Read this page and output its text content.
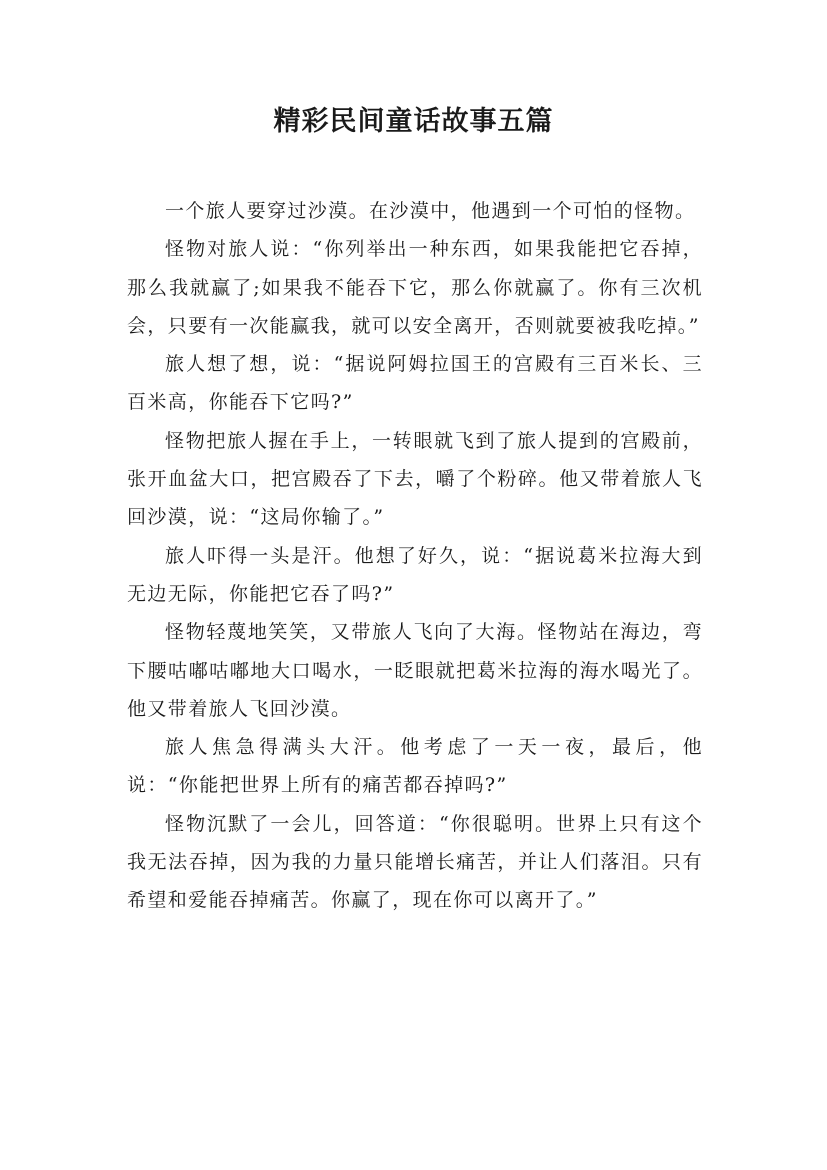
精彩民间童话故事五篇

一个旅人要穿过沙漠。在沙漠中，他遇到一个可怕的怪物。

怪物对旅人说：“你列举出一种东西，如果我能把它吞掉，那么我就赢了;如果我不能吞下它，那么你就赢了。你有三次机会，只要有一次能赢我，就可以安全离开，否则就要被我吃掉。”

旅人想了想，说：“据说阿姆拉国王的宫殿有三百米长、三百米高，你能吞下它吗?”

怪物把旅人握在手上，一转眼就飞到了旅人提到的宫殿前，张开血盆大口，把宫殿吞了下去，嚼了个粉碎。他又带着旅人飞回沙漠，说：“这局你输了。”

旅人吓得一头是汗。他想了好久，说：“据说葛米拉海大到无边无际，你能把它吞了吗?”

怪物轻蔑地笑笑，又带旅人飞向了大海。怪物站在海边，弯下腰咕嘟咕嘟地大口喝水，一眨眼就把葛米拉海的海水喝光了。他又带着旅人飞回沙漠。

旅人焦急得满头大汗。他考虑了一天一夜，最后，他说：“你能把世界上所有的痛苦都吞掉吗?”

怪物沉默了一会儿，回答道：“你很聪明。世界上只有这个我无法吞掉，因为我的力量只能增长痛苦，并让人们落泪。只有希望和爱能吞掉痛苦。你赢了，现在你可以离开了。”
